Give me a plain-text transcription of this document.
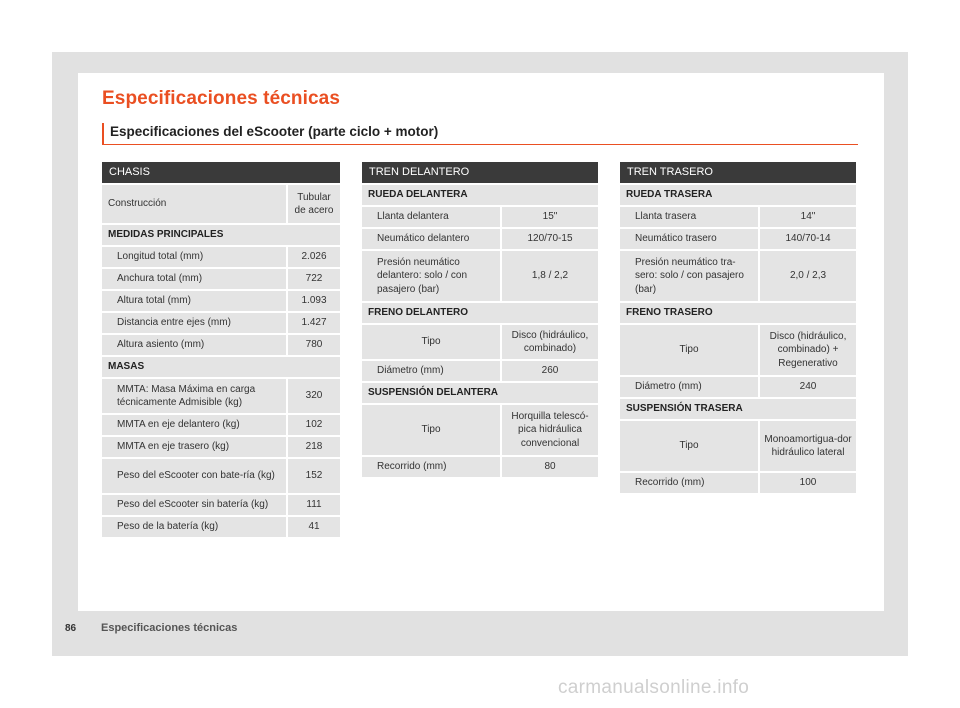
Especificaciones técnicas
Especificaciones del eScooter (parte ciclo + motor)
CHASIS	
Construcción	Tubular de acero
MEDIDAS PRINCIPALES	
Longitud total (mm)	2.026
Anchura total (mm)	722
Altura total (mm)	1.093
Distancia entre ejes (mm)	1.427
Altura asiento (mm)	780
MASAS	
MMTA: Masa Máxima en carga técnicamente Admisible (kg)	320
MMTA en eje delantero (kg)	102
MMTA en eje trasero (kg)	218
Peso del eScooter con bate-ría (kg)	152
Peso del eScooter sin batería (kg)	111
Peso de la batería (kg)	41
TREN DELANTERO	
RUEDA DELANTERA	
Llanta delantera	15"
Neumático delantero	120/70-15
Presión neumático delantero: solo / con pasajero (bar)	1,8 / 2,2
FRENO DELANTERO	
Tipo	Disco (hidráulico, combinado)
Diámetro (mm)	260
SUSPENSIÓN DELANTERA	
Tipo	Horquilla telescó-pica hidráulica convencional
Recorrido (mm)	80
TREN TRASERO	
RUEDA TRASERA	
Llanta trasera	14"
Neumático trasero	140/70-14
Presión neumático tra-sero: solo / con pasajero (bar)	2,0 / 2,3
FRENO TRASERO	
Tipo	Disco (hidráulico, combinado) + Regenerativo
Diámetro (mm)	240
SUSPENSIÓN TRASERA	
Tipo	Monoamortigua-dor hidráulico lateral
Recorrido (mm)	100
86 Especificaciones técnicas
carmanualsonline.info
